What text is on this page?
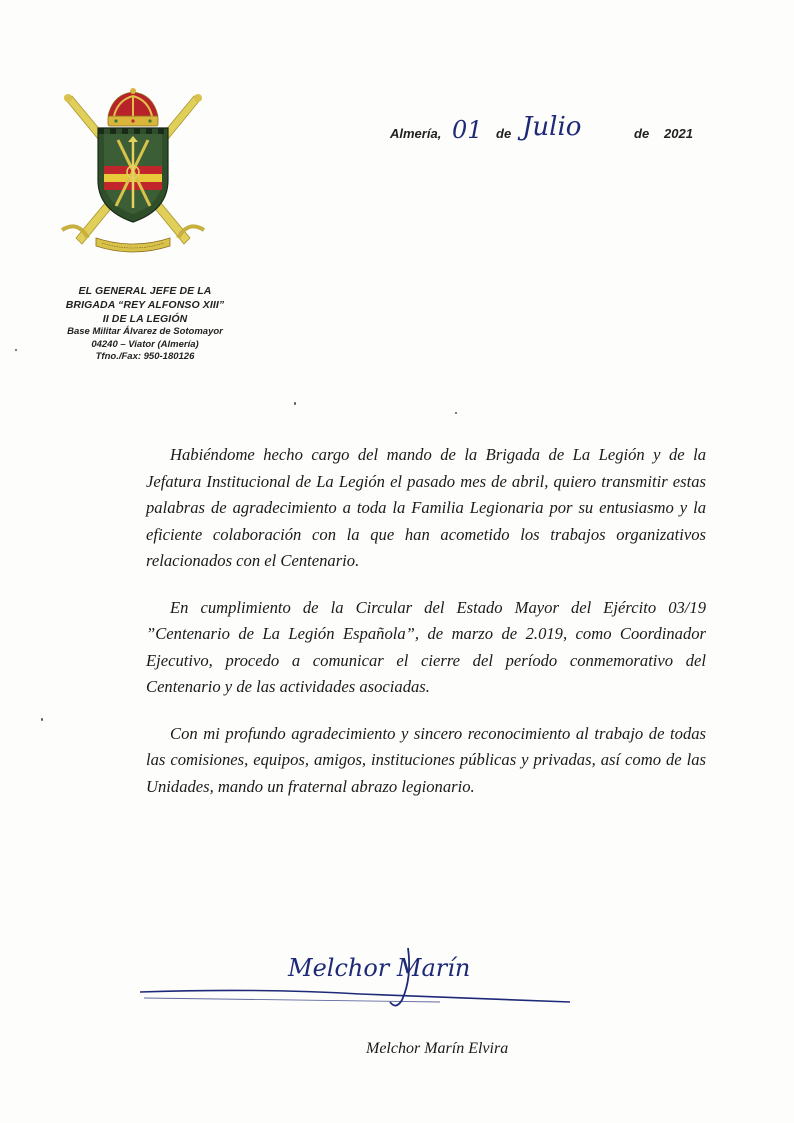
EL GENERAL JEFE DE LA
BRIGADA “REY ALFONSO XIII”
II DE LA LEGIÓN
Base Militar Álvarez de Sotomayor
04240 – Viator (Almería)
Tfno./Fax: 950-180126
Almería, 01 de Julio	de 2021

Habiéndome hecho cargo del mando de la Brigada de La Legión y de la Jefatura Institucional de La Legión el pasado mes de abril, quiero transmitir estas palabras de agradecimiento a toda la Familia Legionaria por su entusiasmo y la eficiente colaboración con la que han acometido los trabajos organizativos relacionados con el Centenario.

En cumplimiento de la Circular del Estado Mayor del Ejército 03/19 ”Centenario de La Legión Española”, de marzo de 2.019, como Coordinador Ejecutivo, procedo a comunicar el cierre del período conmemorativo del Centenario y de las actividades asociadas.

Con mi profundo agradecimiento y sincero reconocimiento al trabajo de todas las comisiones, equipos, amigos, instituciones públicas y privadas, así como de las Unidades, mando un fraternal abrazo legionario.

Melchor Marín
Melchor Marín Elvira
